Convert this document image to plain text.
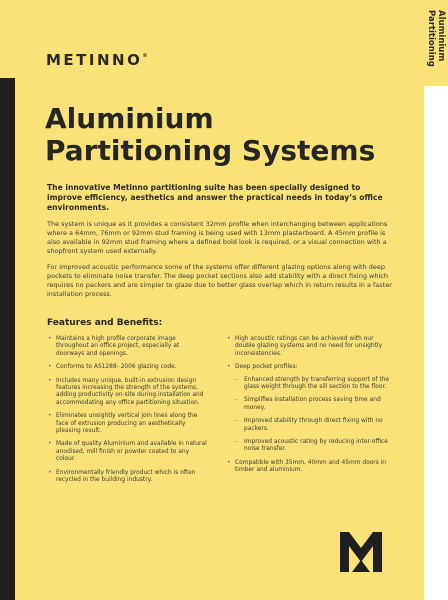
Aluminium
Partitioning
METINNO®
Aluminium Partitioning Systems

The innovative Metinno partitioning suite has been specially designed to improve efficiency, aesthetics and answer the practical needs in today’s office environments.

The system is unique as it provides a consistent 32mm profile when interchanging between applications where a 64mm, 76mm or 92mm stud framing is being used with 13mm plasterboard. A 45mm profile is also available in 92mm stud framing where a defined bold look is required, or a visual connection with a shopfront system used externally.

For improved acoustic performance some of the systems offer different glazing options along with deep pockets to eliminate noise transfer. The deep pocket sections also add stability with a direct fixing which requires no packers and are simpler to glaze due to better glass overlap which in return results in a faster installation process.

Features and Benefits:
• Maintains a high profile corporate image throughout an office project, especially at doorways and openings.
• Conforms to AS1288- 2006 glazing code.
• Includes many unique, built-in extrusion design features increasing the strength of the systems, adding productivity on-site during installation and accommodating any office partitioning situation.
• Eliminates unsightly vertical join lines along the face of extrusion producing an aesthetically pleasing result.
• Made of quality Aluminium and available in natural anodised, mill finish or powder coated to any colour.
• Environmentally friendly product which is often recycled in the building industry.
• High acoustic ratings can be achieved with our double glazing systems and no need for unsightly inconsistencies.
• Deep pocket profiles:
– Enhanced strength by transferring support of the glass weight through the sill section to the floor.
– Simplifies installation process saving time and money.
– Improved stability through direct fixing with no packers.
– Improved acoustic rating by reducing inter-office noise transfer.
• Compatible with 35mm, 40mm and 45mm doors in timber and aluminium.
